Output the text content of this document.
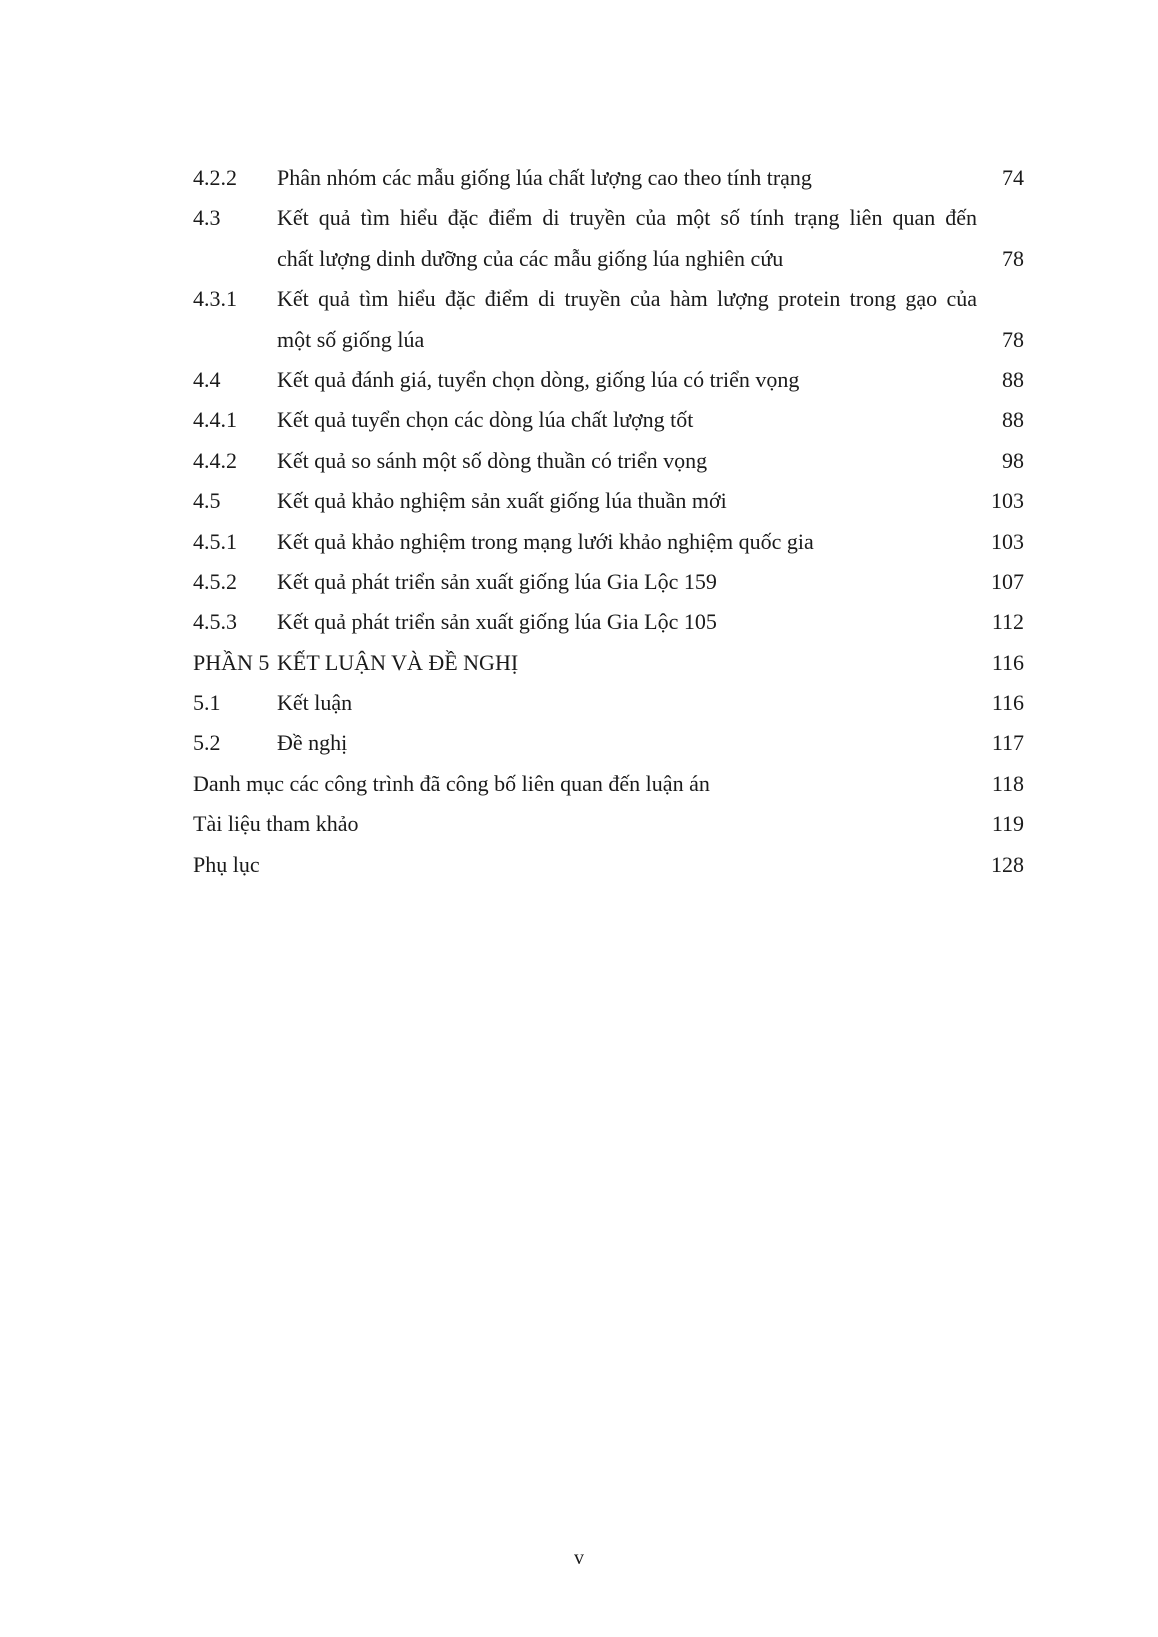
4.2.2 Phân nhóm các mẫu giống lúa chất lượng cao theo tính trạng	74
4.3	Kết quả tìm hiểu đặc điểm di truyền của một số tính trạng liên quan đến
chất lượng dinh dưỡng của các mẫu giống lúa nghiên cứu	78
4.3.1 Kết quả tìm hiểu đặc điểm di truyền của hàm lượng protein trong gạo của
một số giống lúa	78
4.4	Kết quả đánh giá, tuyển chọn dòng, giống lúa có triển vọng	88
4.4.1 Kết quả tuyển chọn các dòng lúa chất lượng tốt	88
4.4.2 Kết quả so sánh một số dòng thuần có triển vọng	98
4.5	Kết quả khảo nghiệm sản xuất giống lúa thuần mới	103
4.5.1 Kết quả khảo nghiệm trong mạng lưới khảo nghiệm quốc gia	103
4.5.2 Kết quả phát triển sản xuất giống lúa Gia Lộc 159	107
4.5.3 Kết quả phát triển sản xuất giống lúa Gia Lộc 105	112
PHẦN 5 KẾT LUẬN VÀ ĐỀ NGHỊ	116
5.1	Kết luận	116
5.2	Đề nghị	117
Danh mục các công trình đã công bố liên quan đến luận án	118
Tài liệu tham khảo	119
Phụ lục	128
v
